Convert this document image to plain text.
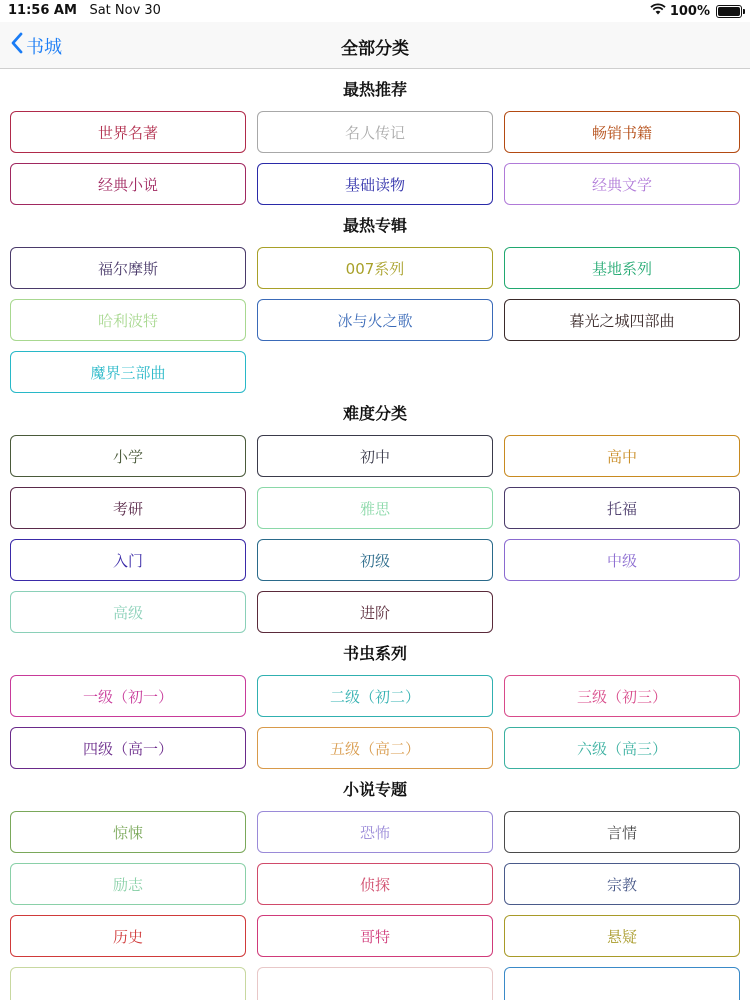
11:56 AM Sat Nov 30	100%
书城	全部分类
最热推荐
世界名著	名人传记	畅销书籍
经典小说	基础读物	经典文学
最热专辑
福尔摩斯	007系列	基地系列
哈利波特	冰与火之歌	暮光之城四部曲
魔界三部曲
难度分类
小学	初中	高中
考研	雅思	托福
入门	初级	中级
高级	进阶
书虫系列
一级（初一）	二级（初二）	三级（初三）
四级（高一）	五级（高二）	六级（高三）
小说专题
惊悚	恐怖	言情
励志	侦探	宗教
历史	哥特	悬疑
